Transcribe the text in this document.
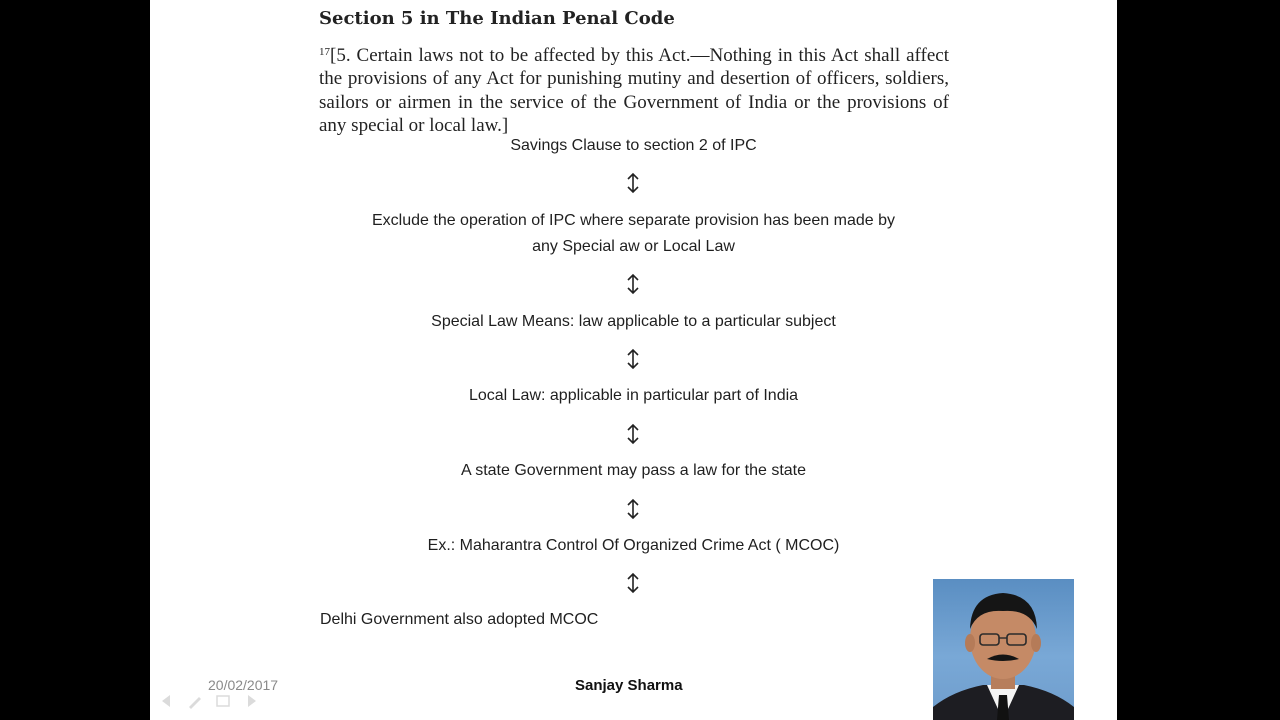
Section 5 in The Indian Penal Code
$^{17}$[5. Certain laws not to be affected by this Act.—Nothing in this Act shall affect the provisions of any Act for punishing mutiny and desertion of officers, soldiers, sailors or airmen in the service of the Government of India or the provisions of any special or local law.]
Savings Clause to section 2 of IPC
Exclude the operation of IPC where separate provision has been made by
any Special aw or Local Law
Special Law Means: law applicable to a particular subject
Local Law: applicable in particular part of India
A state Government may pass a law for the state
Ex.: Maharantra Control Of Organized Crime Act ( MCOC)
Delhi Government also adopted MCOC
20/02/2017	Sanjay Sharma
